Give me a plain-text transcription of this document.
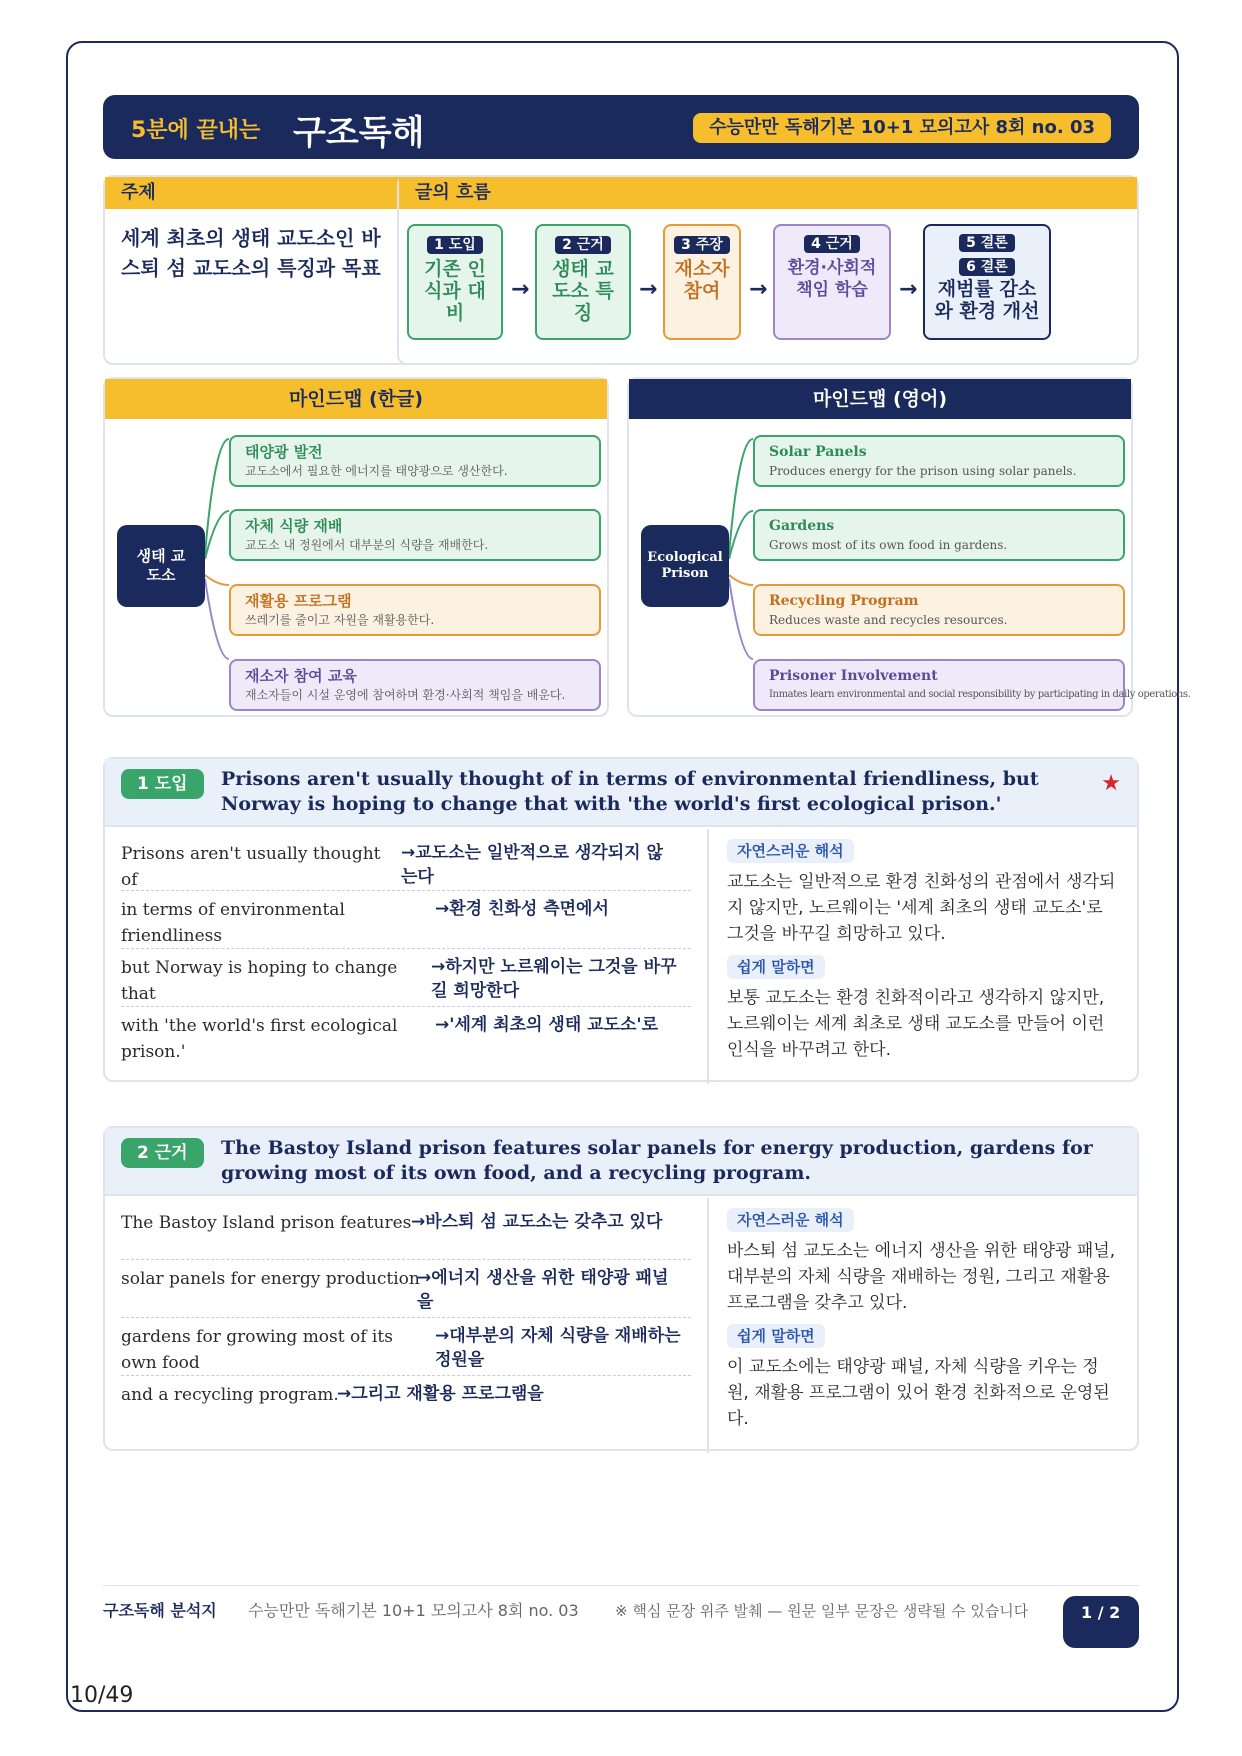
10/49
5분에 끝내는 구조독해	수능만만 독해기본 10+1 모의고사 8회 no. 03
주제
세계 최초의 생태 교도소인 바스퇴 섬 교도소의 특징과 목표
글의 흐름
1 도입
기존 인식과 대비
→
2 근거
생태 교도소 특징
→
3 주장
재소자 참여	→
4 근거
환경·사회적 책임 학습	→
5 결론
6 결론
재범률 감소와 환경 개선
마인드맵 (한글)
생태 교도소
태양광 발전
교도소에서 필요한 에너지를 태양광으로 생산한다.
자체 식량 재배
교도소 내 정원에서 대부분의 식량을 재배한다.
재활용 프로그램
쓰레기를 줄이고 자원을 재활용한다.
재소자 참여 교육
재소자들이 시설 운영에 참여하며 환경·사회적 책임을 배운다.
마인드맵 (영어)
Ecological Prison
Solar Panels
Produces energy for the prison using solar panels.
Gardens
Grows most of its own food in gardens.
Recycling Program
Reduces waste and recycles resources.
Prisoner Involvement
Inmates learn environmental and social responsibility by participating in daily operations.
1 도입	Prisons aren't usually thought of in terms of environmental friendliness, but Norway is hoping to change that with 'the world's first ecological prison.'
★
Prisons aren't usually thought of
→교도소는 일반적으로 생각되지 않는다
in terms of environmental friendliness
→환경 친화성 측면에서
but Norway is hoping to change that
→하지만 노르웨이는 그것을 바꾸길 희망한다
with 'the world's first ecological prison.'
→'세계 최초의 생태 교도소'로
자연스러운 해석
교도소는 일반적으로 환경 친화성의 관점에서 생각되지 않지만, 노르웨이는 '세계 최초의 생태 교도소'로 그것을 바꾸길 희망하고 있다.
쉽게 말하면
보통 교도소는 환경 친화적이라고 생각하지 않지만, 노르웨이는 세계 최초로 생태 교도소를 만들어 이런 인식을 바꾸려고 한다.
2 근거	The Bastoy Island prison features solar panels for energy production, gardens for growing most of its own food, and a recycling program.
The Bastoy Island prison features →바스퇴 섬 교도소는 갖추고 있다
solar panels for energy production
→에너지 생산을 위한 태양광 패널을
gardens for growing most of its own food
→대부분의 자체 식량을 재배하는 정원을
and a recycling program.
→그리고 재활용 프로그램을
자연스러운 해석
바스퇴 섬 교도소는 에너지 생산을 위한 태양광 패널, 대부분의 자체 식량을 재배하는 정원, 그리고 재활용 프로그램을 갖추고 있다.
쉽게 말하면
이 교도소에는 태양광 패널, 자체 식량을 키우는 정원, 재활용 프로그램이 있어 환경 친화적으로 운영된다.
구조독해 분석지	수능만만 독해기본 10+1 모의고사 8회 no. 03	※ 핵심 문장 위주 발췌 — 원문 일부 문장은 생략될 수 있습니다	1 / 2
